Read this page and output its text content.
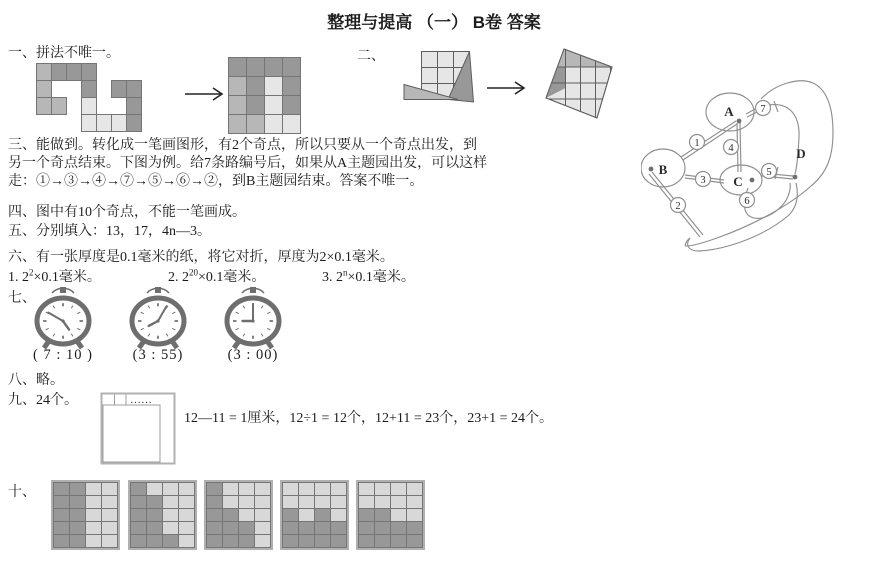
整理与提高 （一） B卷 答案
一、拼法不唯一。	二、
A
B
C
D
1
2
3
4
5
6
7
三、能做到。转化成一笔画图形，有2个奇点，所以只要从一个奇点出发，到
另一个奇点结束。下图为例。给7条路编号后，如果从A主题园出发，可以这样
走：①→③→④→⑦→⑤→⑥→②，到B主题园结束。答案不唯一。
四、图中有10个奇点，不能一笔画成。
五、分别填入：13，17，4n—3。
六、有一张厚度是0.1毫米的纸，将它对折，厚度为2×0.1毫米。
1. $2^2\times 0.1$毫米。	2. $2^{20}\times 0.1$毫米。	3. $2^n\times 0.1$毫米。
七、
( 7 : 10 )	(3 : 55)	(3 : 00)
八、略。
九、24个。	……
12—11 = 1厘米，12÷1 = 12个，12+11 = 23个，23+1 = 24个。
十、
